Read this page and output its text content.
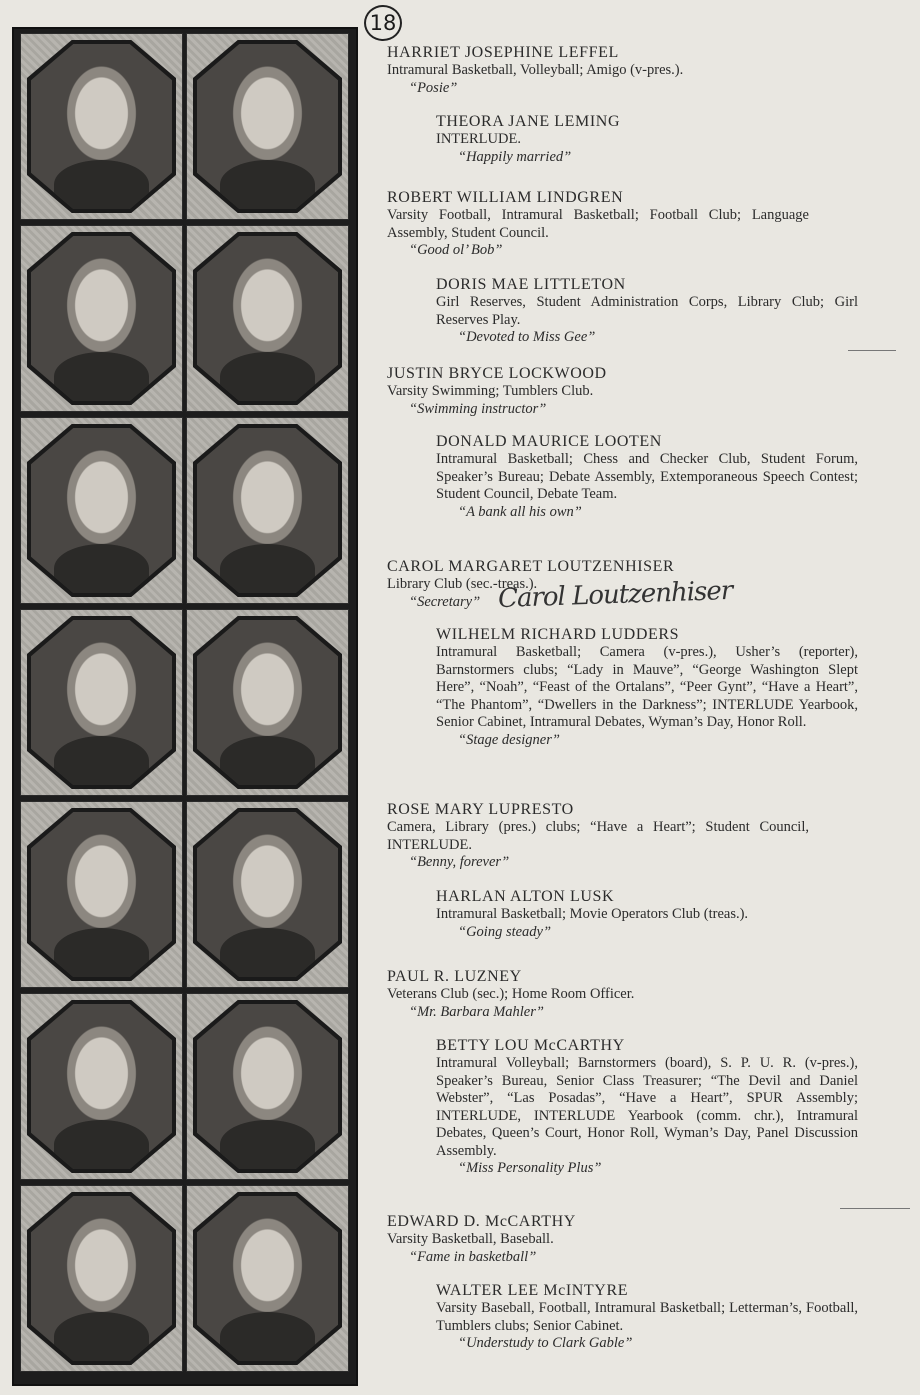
18
HARRIET JOSEPHINE LEFFEL
Intramural Basketball, Volleyball; Amigo (v-pres.).
“Posie”
THEORA JANE LEMING
INTERLUDE.
“Happily married”
ROBERT WILLIAM LINDGREN
Varsity Football, Intramural Basketball; Football Club; Language Assembly, Student Council.
“Good ol’ Bob”
DORIS MAE LITTLETON
Girl Reserves, Student Administration Corps, Library Club; Girl Reserves Play.
“Devoted to Miss Gee”
JUSTIN BRYCE LOCKWOOD
Varsity Swimming; Tumblers Club.
“Swimming instructor”
DONALD MAURICE LOOTEN
Intramural Basketball; Chess and Checker Club, Student Forum, Speaker’s Bureau; Debate Assembly, Extemporaneous Speech Contest; Student Council, Debate Team.
“A bank all his own”
CAROL MARGARET LOUTZENHISER
Library Club (sec.-treas.).
“Secretary” Carol Loutzenhiser
WILHELM RICHARD LUDDERS
Intramural Basketball; Camera (v-pres.), Usher’s (reporter), Barnstormers clubs; “Lady in Mauve”, “George Washington Slept Here”, “Noah”, “Feast of the Ortalans”, “Peer Gynt”, “Have a Heart”, “The Phantom”, “Dwellers in the Darkness”; INTERLUDE Yearbook, Senior Cabinet, Intramural Debates, Wyman’s Day, Honor Roll.
“Stage designer”
ROSE MARY LUPRESTO
Camera, Library (pres.) clubs; “Have a Heart”; Student Council, INTERLUDE.
“Benny, forever”
HARLAN ALTON LUSK
Intramural Basketball; Movie Operators Club (treas.).
“Going steady”
PAUL R. LUZNEY
Veterans Club (sec.); Home Room Officer.
“Mr. Barbara Mahler”
BETTY LOU McCARTHY
Intramural Volleyball; Barnstormers (board), S. P. U. R. (v-pres.), Speaker’s Bureau, Senior Class Treasurer; “The Devil and Daniel Webster”, “Las Posadas”, “Have a Heart”, SPUR Assembly; INTERLUDE, INTERLUDE Yearbook (comm. chr.), Intramural Debates, Queen’s Court, Honor Roll, Wyman’s Day, Panel Discussion Assembly.
“Miss Personality Plus”
EDWARD D. McCARTHY
Varsity Basketball, Baseball.
“Fame in basketball”
WALTER LEE McINTYRE
Varsity Baseball, Football, Intramural Basketball; Letterman’s, Football, Tumblers clubs; Senior Cabinet.
“Understudy to Clark Gable”
